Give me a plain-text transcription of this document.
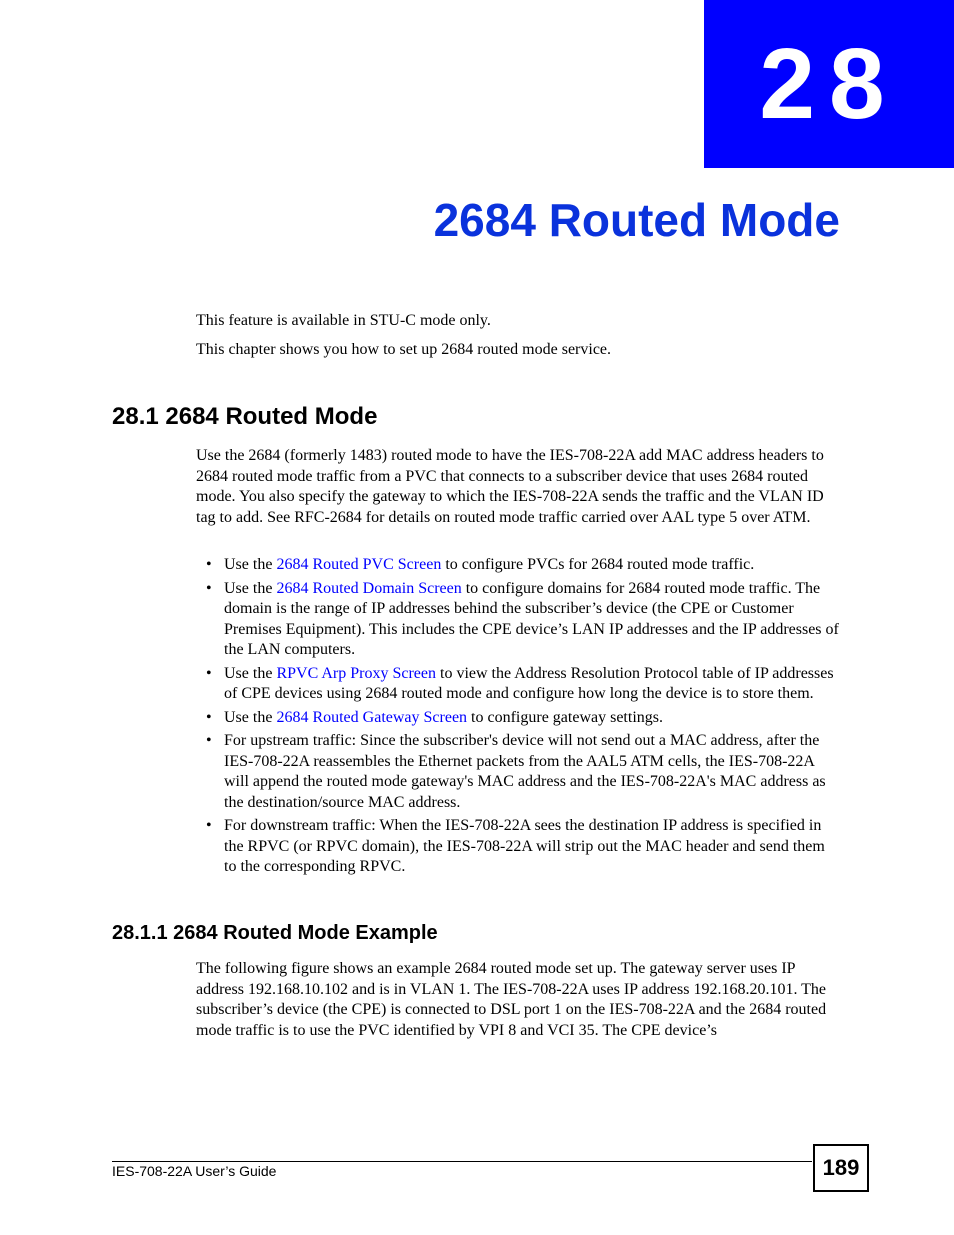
28
2684 Routed Mode

This feature is available in STU-C mode only.

This chapter shows you how to set up 2684 routed mode service.

28.1 2684 Routed Mode
Use the 2684 (formerly 1483) routed mode to have the IES-708-22A add MAC address headers to 2684 routed mode traffic from a PVC that connects to a subscriber device that uses 2684 routed mode. You also specify the gateway to which the IES-708-22A sends the traffic and the VLAN ID tag to add. See RFC-2684 for details on routed mode traffic carried over AAL type 5 over ATM.
• Use the 2684 Routed PVC Screen to configure PVCs for 2684 routed mode traffic.
• Use the 2684 Routed Domain Screen to configure domains for 2684 routed mode traffic. The domain is the range of IP addresses behind the subscriber’s device (the CPE or Customer Premises Equipment). This includes the CPE device’s LAN IP addresses and the IP addresses of the LAN computers.
• Use the RPVC Arp Proxy Screen to view the Address Resolution Protocol table of IP addresses of CPE devices using 2684 routed mode and configure how long the device is to store them.
• Use the 2684 Routed Gateway Screen to configure gateway settings.
• For upstream traffic: Since the subscriber's device will not send out a MAC address, after the IES-708-22A reassembles the Ethernet packets from the AAL5 ATM cells, the IES-708-22A will append the routed mode gateway's MAC address and the IES-708-22A's MAC address as the destination/source MAC address.
• For downstream traffic: When the IES-708-22A sees the destination IP address is specified in the RPVC (or RPVC domain), the IES-708-22A will strip out the MAC header and send them to the corresponding RPVC.
28.1.1 2684 Routed Mode Example
The following figure shows an example 2684 routed mode set up. The gateway server uses IP address 192.168.10.102 and is in VLAN 1. The IES-708-22A uses IP address 192.168.20.101. The subscriber’s device (the CPE) is connected to DSL port 1 on the IES-708-22A and the 2684 routed mode traffic is to use the PVC identified by VPI 8 and VCI 35. The CPE device’s
IES-708-22A User’s Guide	189
